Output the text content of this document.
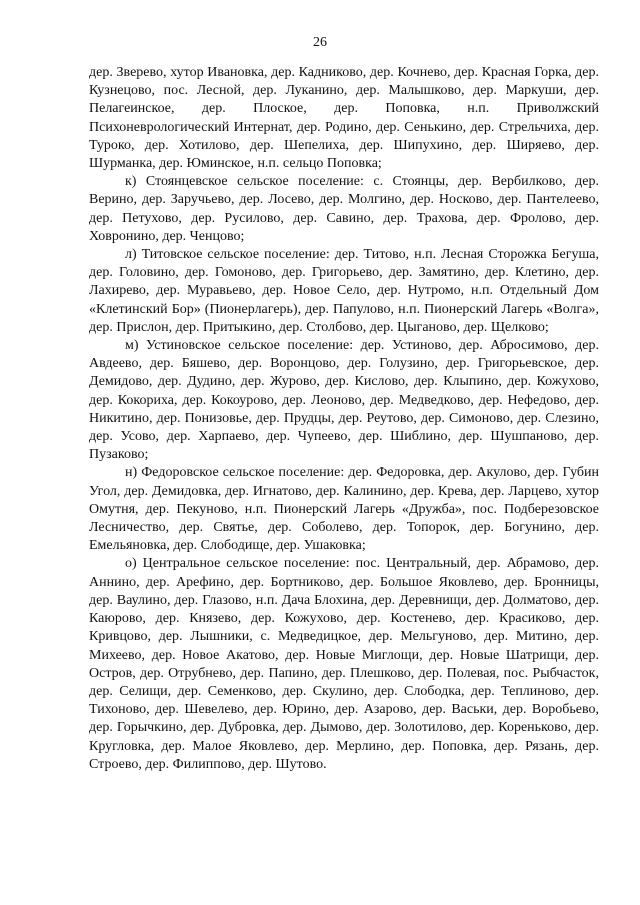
26

дер. Зверево, хутор Ивановка, дер. Кадниково, дер. Кочнево, дер. Красная Горка, дер. Кузнецово, пос. Лесной, дер. Луканино, дер. Малышково, дер. Маркуши, дер. Пелагеинское, дер. Плоское, дер. Поповка, н.п. Приволжский Психоневрологический Интернат, дер. Родино, дер. Сенькино, дер. Стрельчиха, дер. Туроко, дер. Хотилово, дер. Шепелиха, дер. Шипухино, дер. Ширяево, дер. Шурманка, дер. Юминское, н.п. сельцо Поповка;

к) Стоянцевское сельское поселение: с. Стоянцы, дер. Вербилково, дер. Верино, дер. Заручьево, дер. Лосево, дер. Молгино, дер. Носково, дер. Пантелеево, дер. Петухово, дер. Русилово, дер. Савино, дер. Трахова, дер. Фролово, дер. Ховронино, дер. Ченцово;

л) Титовское сельское поселение: дер. Титово, н.п. Лесная Сторожка Бегуша, дер. Головино, дер. Гомоново, дер. Григорьево, дер. Замятино, дер. Клетино, дер. Лахирево, дер. Муравьево, дер. Новое Село, дер. Нутромо, н.п. Отдельный Дом «Клетинский Бор» (Пионерлагерь), дер. Папулово, н.п. Пионерский Лагерь «Волга», дер. Прислон, дер. Притыкино, дер. Столбово, дер. Цыганово, дер. Щелково;

м) Устиновское сельское поселение: дер. Устиново, дер. Абросимово, дер. Авдеево, дер. Бяшево, дер. Воронцово, дер. Голузино, дер. Григорьевское, дер. Демидово, дер. Дудино, дер. Журово, дер. Кислово, дер. Клыпино, дер. Кожухово, дер. Кокориха, дер. Кокоурово, дер. Леоново, дер. Медведково, дер. Нефедово, дер. Никитино, дер. Понизовье, дер. Прудцы, дер. Реутово, дер. Симоново, дер. Слезино, дер. Усово, дер. Харпаево, дер. Чупеево, дер. Шиблино, дер. Шушпаново, дер. Пузаково;

н) Федоровское сельское поселение: дер. Федоровка, дер. Акулово, дер. Губин Угол, дер. Демидовка, дер. Игнатово, дер. Калинино, дер. Крева, дер. Ларцево, хутор Омутня, дер. Пекуново, н.п. Пионерский Лагерь «Дружба», пос. Подберезовское Лесничество, дер. Святье, дер. Соболево, дер. Топорок, дер. Богунино, дер. Емельяновка, дер. Слободище, дер. Ушаковка;

о) Центральное сельское поселение: пос. Центральный, дер. Абрамово, дер. Аннино, дер. Арефино, дер. Бортниково, дер. Большое Яковлево, дер. Бронницы, дер. Ваулино, дер. Глазово, н.п. Дача Блохина, дер. Деревнищи, дер. Долматово, дер. Каюрово, дер. Князево, дер. Кожухово, дер. Костенево, дер. Красиково, дер. Кривцово, дер. Лышники, с. Медведицкое, дер. Мельгуново, дер. Митино, дер. Михеево, дер. Новое Акатово, дер. Новые Миглощи, дер. Новые Шатрищи, дер. Остров, дер. Отрубнево, дер. Папино, дер. Плешково, дер. Полевая, пос. Рыбчасток, дер. Селищи, дер. Семенково, дер. Скулино, дер. Слободка, дер. Теплиново, дер. Тихоново, дер. Шевелево, дер. Юрино, дер. Азарово, дер. Васьки, дер. Воробьево, дер. Горычкино, дер. Дубровка, дер. Дымово, дер. Золотилово, дер. Кореньково, дер. Кругловка, дер. Малое Яковлево, дер. Мерлино, дер. Поповка, дер. Рязань, дер. Строево, дер. Филиппово, дер. Шутово.
